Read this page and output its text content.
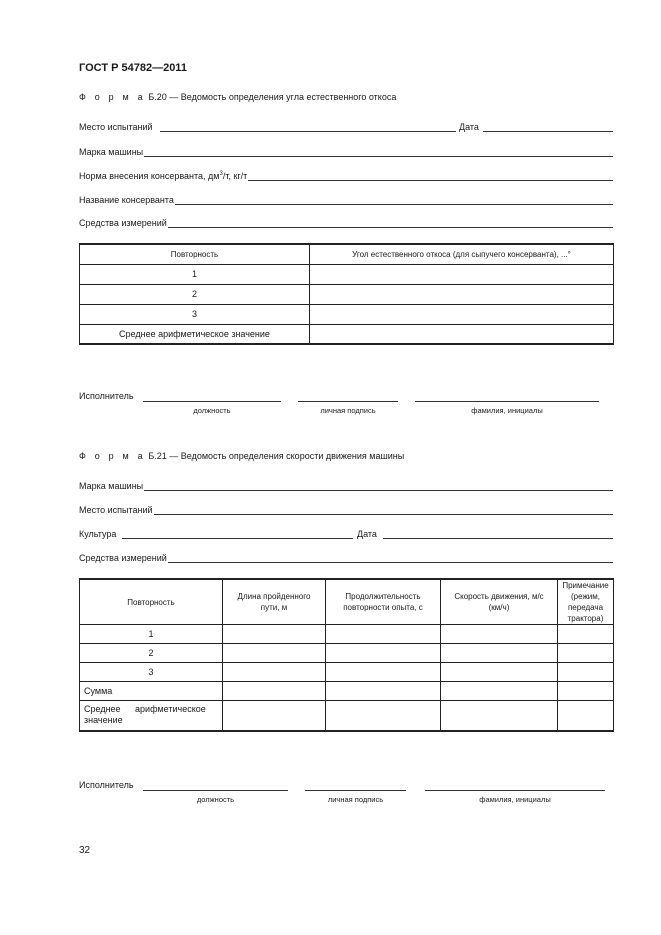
ГОСТ Р 54782—2011
Ф о р м а Б.20 — Ведомость определения угла естественного откоса
Место испытаний	Дата
Марка машины
Норма внесения консерванта, $дм^3/т$, кг/т
Название консерванта
Средства измерений
Повторность	Угол естественного откоса (для сыпучего консерванта), ...°
1	
2	
3	
Среднее арифметическое значение	
Исполнитель
должность	личная подпись	фамилия, инициалы
Ф о р м а Б.21 — Ведомость определения скорости движения машины
Марка машины
Место испытаний
Культура	Дата
Средства измерений
Повторность	Длина пройденного пути, м	Продолжительность повторности опыта, с	Скорость движения, м/с (км/ч)	Примечание (режим, передача трактора)
1				
2				
3				
Сумма				
Среднее арифметическое значение				
Исполнитель
должность	личная подпись	фамилия, инициалы
32
